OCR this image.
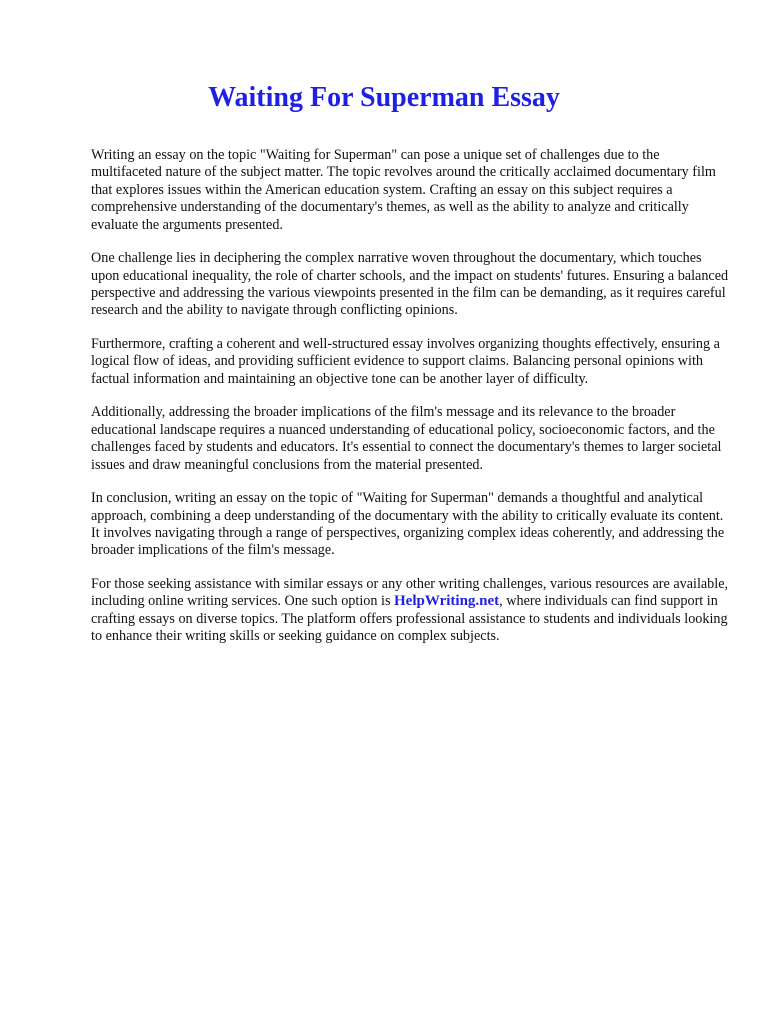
Waiting For Superman Essay

Writing an essay on the topic "Waiting for Superman" can pose a unique set of challenges due to the multifaceted nature of the subject matter. The topic revolves around the critically acclaimed documentary film that explores issues within the American education system. Crafting an essay on this subject requires a comprehensive understanding of the documentary's themes, as well as the ability to analyze and critically evaluate the arguments presented.

One challenge lies in deciphering the complex narrative woven throughout the documentary, which touches upon educational inequality, the role of charter schools, and the impact on students' futures. Ensuring a balanced perspective and addressing the various viewpoints presented in the film can be demanding, as it requires careful research and the ability to navigate through conflicting opinions.

Furthermore, crafting a coherent and well-structured essay involves organizing thoughts effectively, ensuring a logical flow of ideas, and providing sufficient evidence to support claims. Balancing personal opinions with factual information and maintaining an objective tone can be another layer of difficulty.

Additionally, addressing the broader implications of the film's message and its relevance to the broader educational landscape requires a nuanced understanding of educational policy, socioeconomic factors, and the challenges faced by students and educators. It's essential to connect the documentary's themes to larger societal issues and draw meaningful conclusions from the material presented.

In conclusion, writing an essay on the topic of "Waiting for Superman" demands a thoughtful and analytical approach, combining a deep understanding of the documentary with the ability to critically evaluate its content. It involves navigating through a range of perspectives, organizing complex ideas coherently, and addressing the broader implications of the film's message.

For those seeking assistance with similar essays or any other writing challenges, various resources are available, including online writing services. One such option is HelpWriting.net, where individuals can find support in crafting essays on diverse topics. The platform offers professional assistance to students and individuals looking to enhance their writing skills or seeking guidance on complex subjects.
